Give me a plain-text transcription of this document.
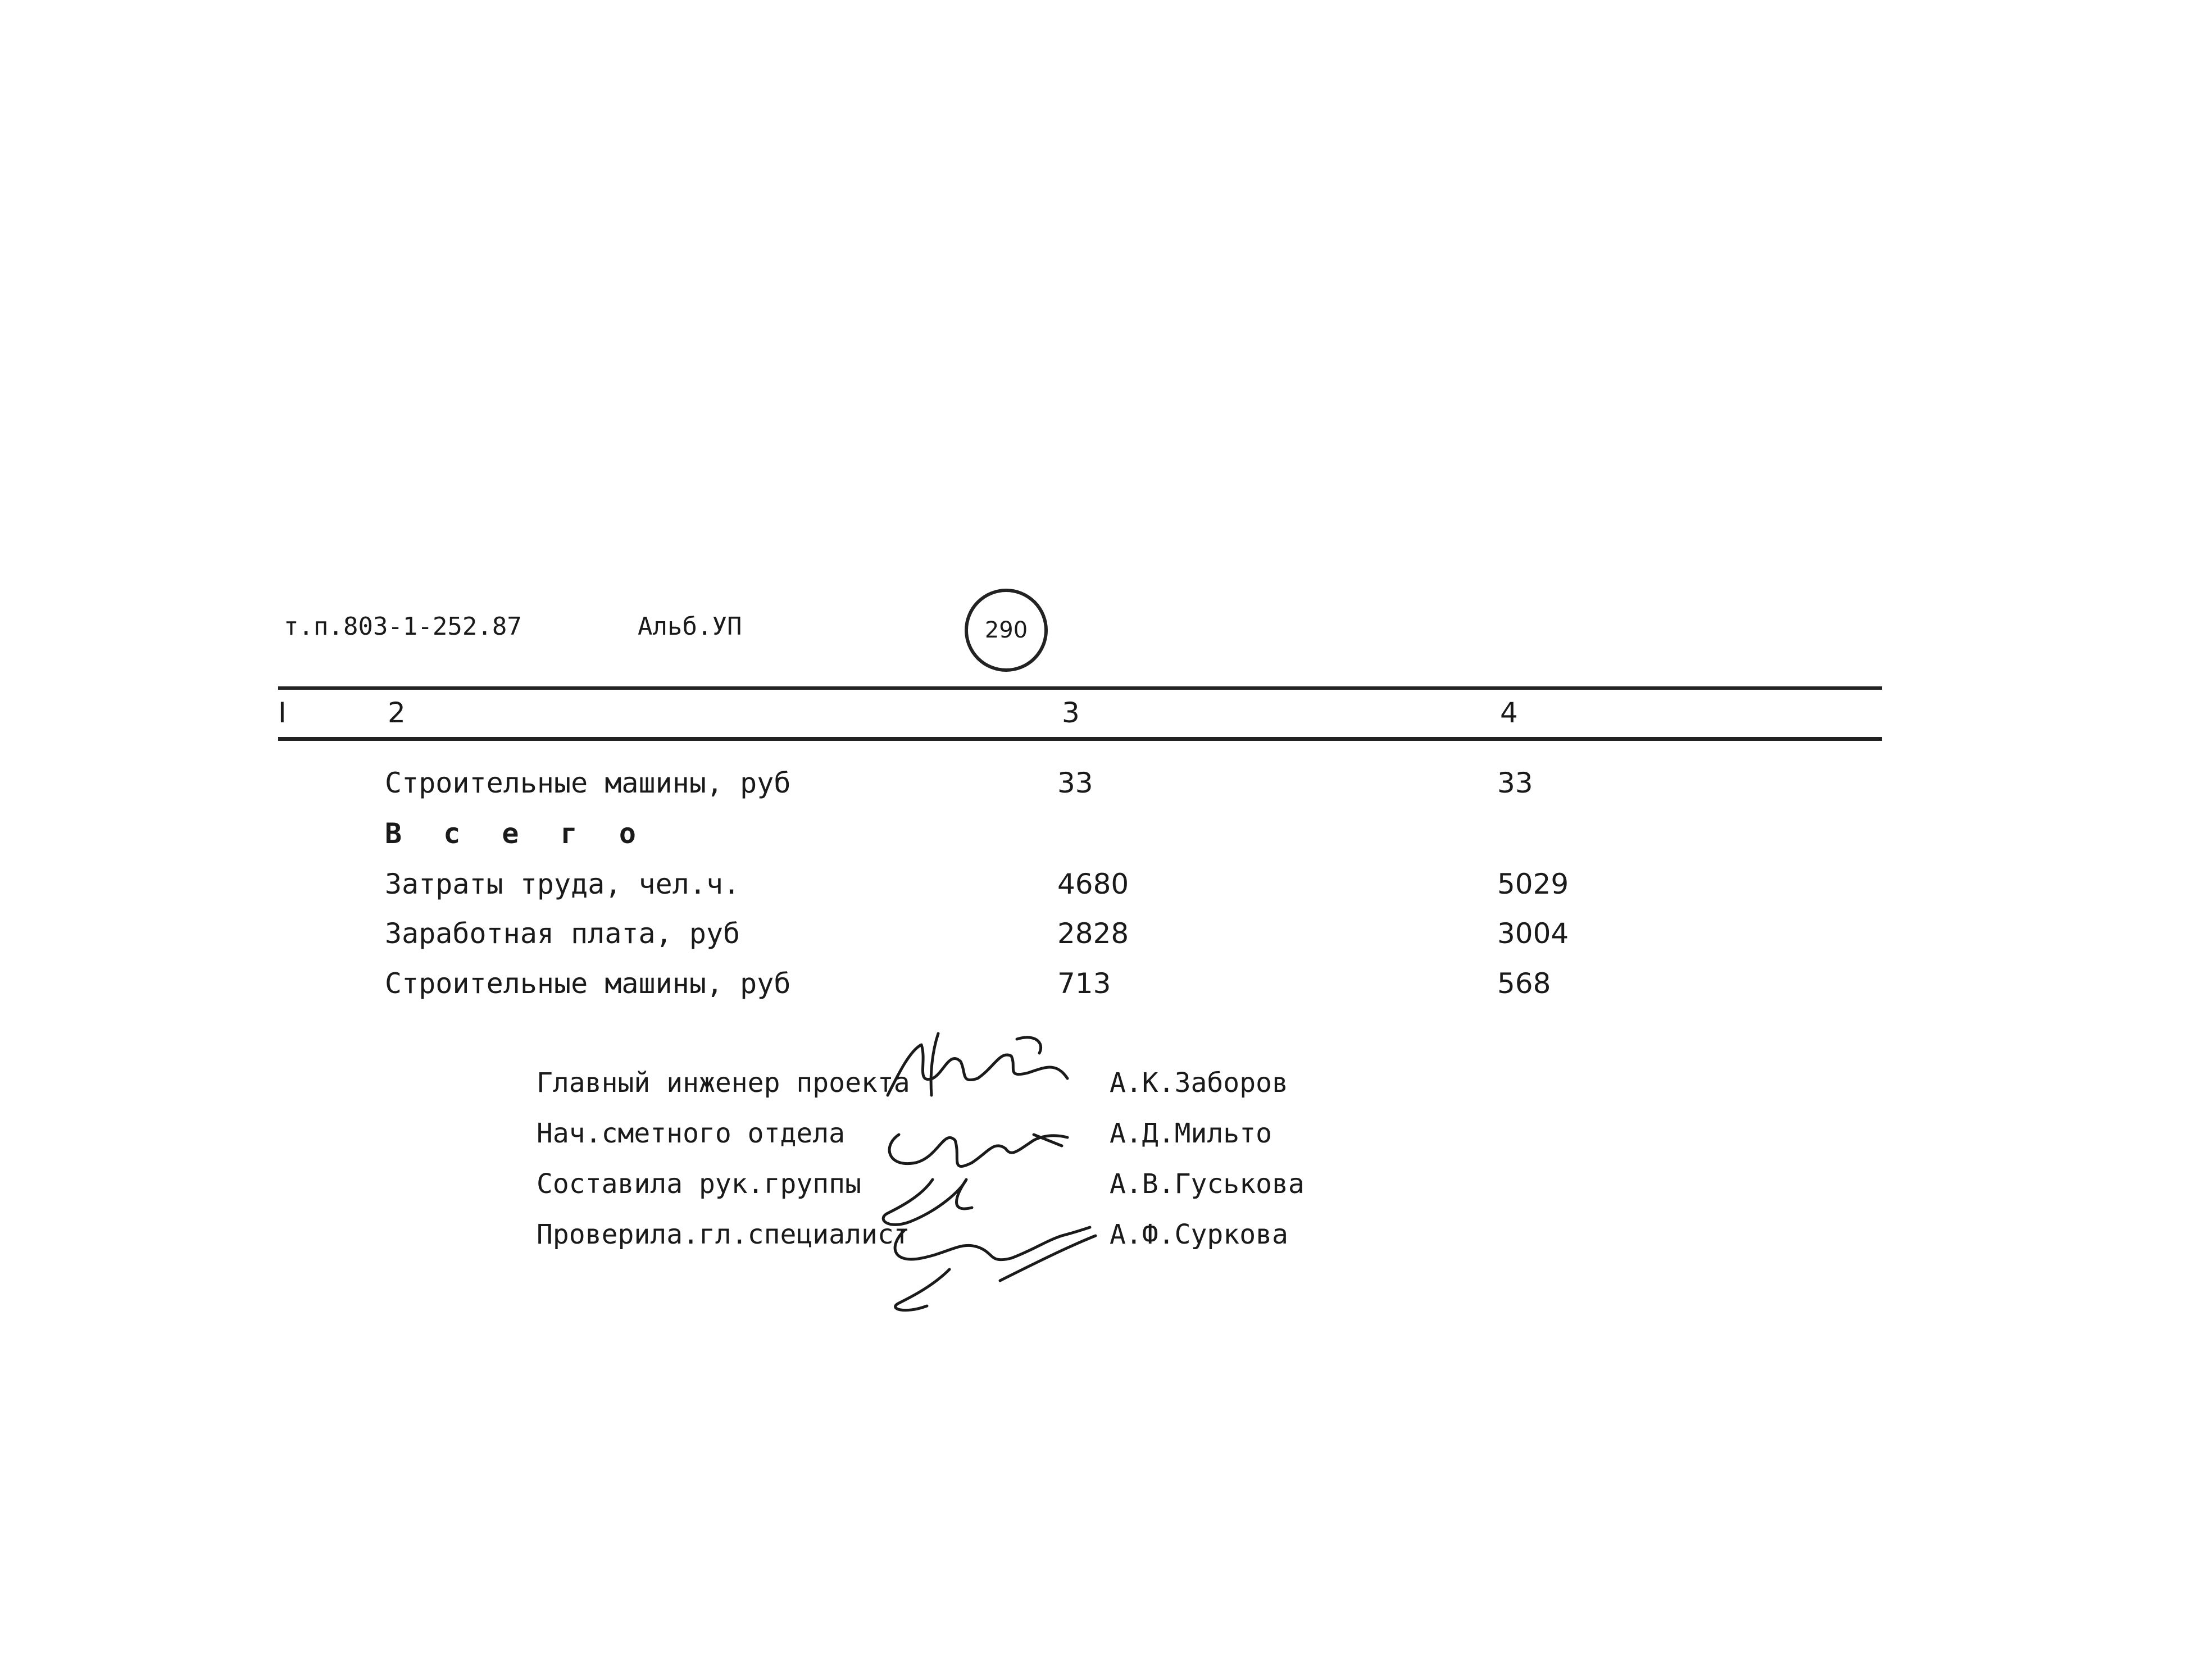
т.п.803-1-252.87	Альб.УП	290
I	2	3	4
Строительные машины, руб	33	33
В с е г о
Затраты труда, чел.ч.	4680	5029
Заработная плата, руб	2828	3004
Строительные машины, руб	713	568
Главный инженер проекта	А.К.Заборов
Нач.сметного отдела	А.Д.Мильто
Составила рук.группы	А.В.Гуськова
Проверила.гл.специалист	А.Ф.Суркова
